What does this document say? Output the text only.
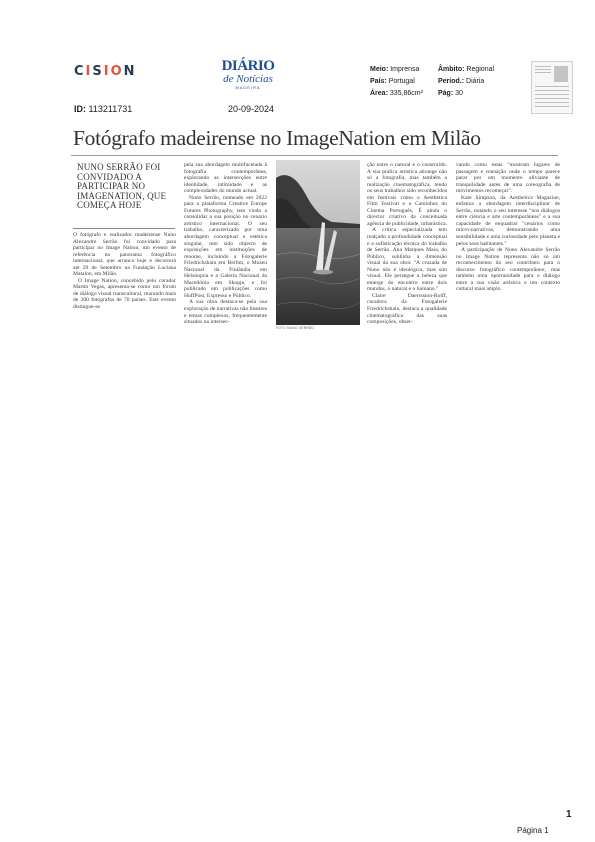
CISION	DIÁRIO
de Notícias
MADEIRA
ID: 113211731	20-09-2024
Meio: Imprensa
País: Portugal
Área: 335,86cm²
Âmbito: Regional
Period.: Diária
Pág: 30
Fotógrafo madeirense no ImageNation em Milão
NUNO SERRÃO FOI CONVIDADO A PARTICIPAR NO IMAGENATION, QUE COMEÇA HOJE

O fotógrafo e realizador madeirense Nuno Alexandre Serrão foi convidado para participar no Image Nation, um evento de referência no panorama fotográfico internacional, que arranca hoje e decorrerá até 29 de Setembro na Fundação Luciana Matalon, em Milão.

O Image Nation, concebido pelo curador Martin Vegas, apresenta-se como um fórum de diálogo visual transcultural, reunindo mais de 300 fotógrafos de 70 países. Este evento distingue-se

pela sua abordagem multifacetada à fotografia contemporânea, explorando as intersecções entre identidade, intimidade e as complexidades do mundo actual.

Nuno Serrão, nomeado em 2022 para a plataforma Creative Europe Futures Photography, tem vindo a consolidar a sua posição no cenário artístico internacional. O seu trabalho, caracterizado por uma abordagem conceptual e estética singular, tem sido objecto de exposições em instituições de renome, incluindo a Fotogalerie Friedrichshain em Berlim, o Museu Nacional da Finlândia em Helsínquia e a Galeria Nacional da Macedónia em Skopje, e foi publicado em publicações como HuffPost, Expresso e Público.

A sua obra destaca-se pela sua exploração de narrativas não lineares e temas complexos, frequentemente situados na intersec-

FOTO NUNO SERRÃO

ção entre o natural e o construído. A sua prática artística abrange não só a fotografia, mas também a realização cinematográfica, tendo os seus trabalhos sido reconhecidos em festivais como o Aesthetica Film Festival e o Caminhos do Cinema Português. É ainda o director criativo da conceituada agência de publicidade, urbanistica.

A crítica especializada tem realçado a profundidade conceptual e a sofisticação técnica do trabalho de Serrão. Ana Marques Maia, do Público, sublinha a dimensão visual da sua obra: "A cruzada de Nuno não é ideológica, mas sim visual. Ele persegue a beleza que emerge do encontro entre dois mundos, o natural e o humano."

Claire Daerrssion-Rolff, curadora da Fotogalerie Friedrichshain, destaca a qualidade cinematográfica das suas composições, obser-

vando como estas "mostram lugares de passagem e transição onde o tempo parece parar por um momento aliviante de tranquilidade antes de uma coreografia de movimentos recomeçar".

Kate Simpson, da Aesthetica Magazine, enfatiza a abordagem interdisciplinar de Serrão, notando o seu interesse "nos diálogos entre ciência e arte contemporâneas" e a sua capacidade de enquadrar "cenários como micro-narrativas, demonstrando uma sensibilidade e uma curiosidade pelo planeta e pelos seus habitantes."

A participação de Nuno Alexandre Serrão no Image Nation representa não só um reconhecimento do seu contributo para o discurso fotográfico contemporâneo, mas também uma oportunidade para o diálogo entre a sua visão artística e um contexto cultural mais amplo.

1
Página 1
